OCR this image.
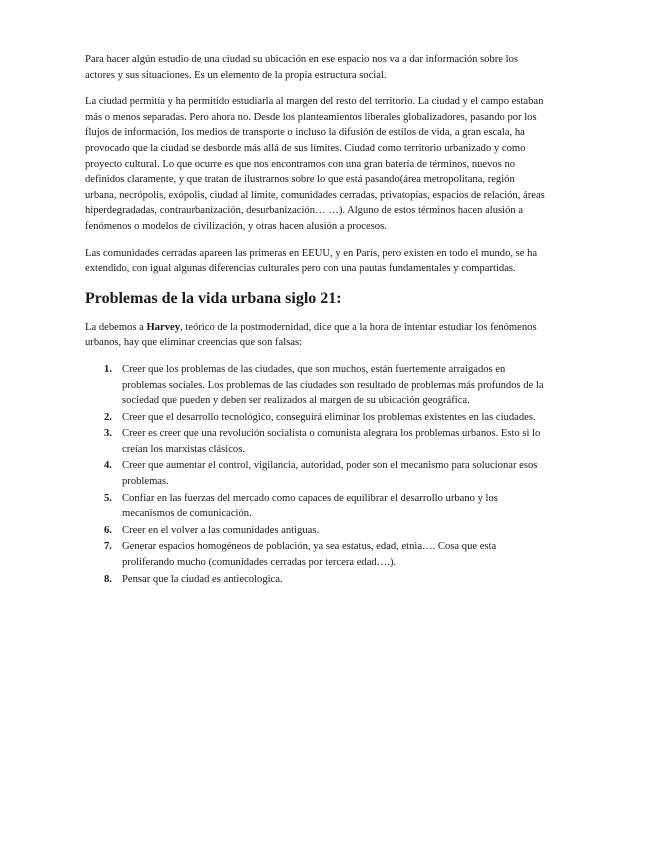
Para hacer algún estudio de una ciudad su ubicación en ese espacio nos va a dar información sobre los actores y sus situaciones. Es un elemento de la propia estructura social.

La ciudad permitía y ha permitido estudiarla al margen del resto del territorio. La ciudad y el campo estaban más o menos separadas. Pero ahora no. Desde los planteamientos liberales globalizadores, pasando por los flujos de información, los medios de transporte o incluso la difusión de estilos de vida, a gran escala, ha provocado que la ciudad se desborde más allá de sus límites. Ciudad como territorio urbanizado y como proyecto cultural. Lo que ocurre es que nos encontramos con una gran batería de términos, nuevos no definidos claramente, y que tratan de ilustrarnos sobre lo que está pasando(área metropolitana, región urbana, necrópolis, exópolis, ciudad al límite, comunidades cerradas, privatopías, espacios de relación, áreas hiperdegradadas, contraurbanización, desurbanización… …). Alguno de estos términos hacen alusión a fenómenos o modelos de civilización, y otras hacen alusión a procesos.

Las comunidades cerradas apareen las primeras en EEUU, y en París, pero existen en todo el mundo, se ha extendido, con igual algunas diferencias culturales pero con una pautas fundamentales y compartidas.

Problemas de la vida urbana siglo 21:

La debemos a Harvey, teórico de la postmodernidad, dice que a la hora de intentar estudiar los fenómenos urbanos, hay que eliminar creencias que son falsas:

1. Creer que los problemas de las ciudades, que son muchos, están fuertemente arraigados en problemas sociales. Los problemas de las ciudades son resultado de problemas más profundos de la sociedad que pueden y deben ser realizados al margen de su ubicación geográfica.
2. Creer que el desarrollo tecnológico, conseguirá eliminar los problemas existentes en las ciudades.
3. Creer es creer que una revolución socialista o comunista alegrara los problemas urbanos. Esto si lo creían los marxistas clásicos.
4. Creer que aumentar el control, vigilancia, autoridad, poder son el mecanismo para solucionar esos problemas.
5. Confiar en las fuerzas del mercado como capaces de equilibrar el desarrollo urbano y los mecanismos de comunicación.
6. Creer en el volver a las comunidades antiguas.
7. Generar espacios homogéneos de población, ya sea estatus, edad, etnia…. Cosa que esta proliferando mucho (comunidades cerradas por tercera edad….).
8. Pensar que la ciudad es antiecologica.
